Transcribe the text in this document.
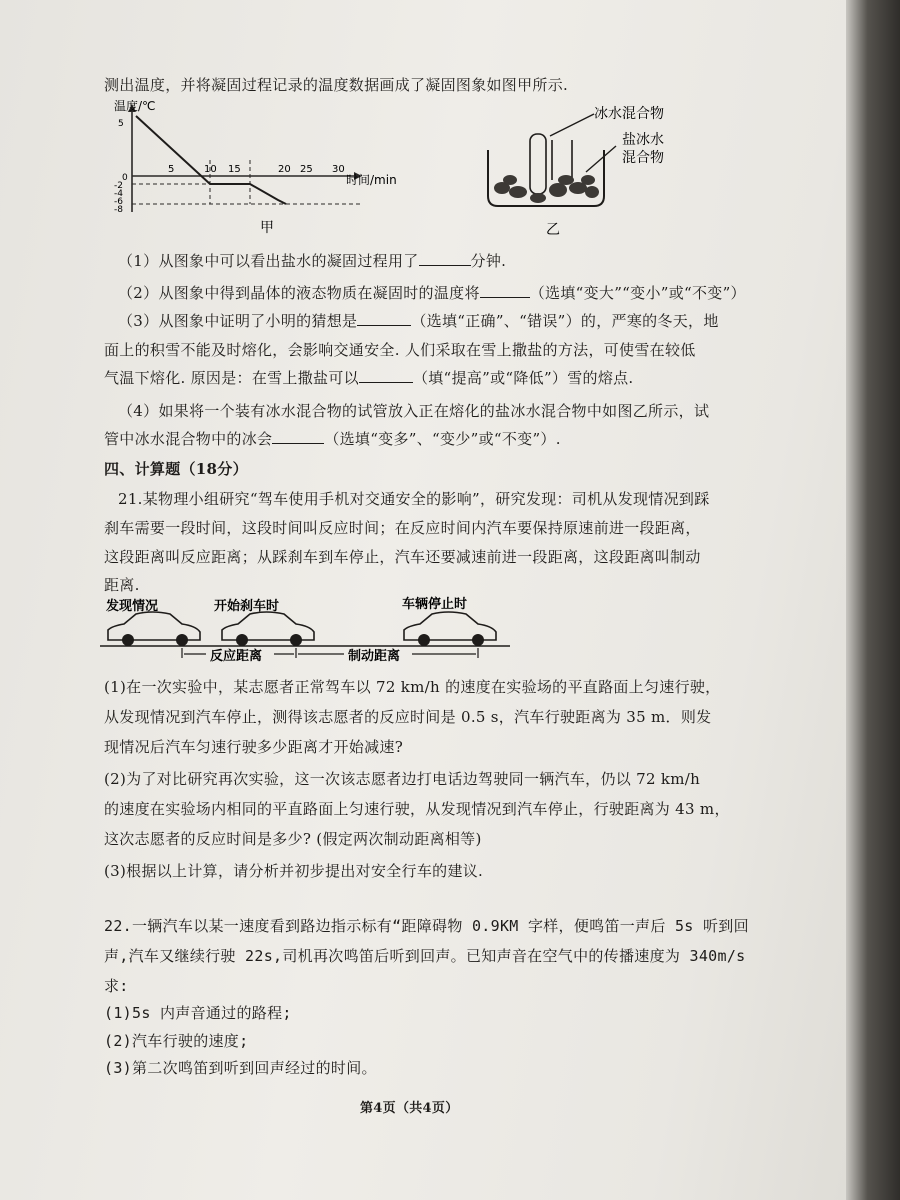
测出温度，并将凝固过程记录的温度数据画成了凝固图象如图甲所示.
温度/℃
5
0
-2
-4
-6
-8
5	10 15	20 25 30
时间/min
甲
冰水混合物
盐冰水
混合物
乙
（1）从图象中可以看出盐水的凝固过程用了	分钟.
（2）从图象中得到晶体的液态物质在凝固时的温度将	（选填“变大”“变小”或“不变”）
（3）从图象中证明了小明的猜想是	（选填“正确”、“错误”）的，严寒的冬天，地
面上的积雪不能及时熔化，会影响交通安全. 人们采取在雪上撒盐的方法，可使雪在较低
气温下熔化. 原因是：在雪上撒盐可以	（填“提高”或“降低”）雪的熔点.
（4）如果将一个装有冰水混合物的试管放入正在熔化的盐冰水混合物中如图乙所示，试
管中冰水混合物中的冰会	（选填“变多”、“变少”或“不变”）.
四、计算题（18分）
21.某物理小组研究“驾车使用手机对交通安全的影响”，研究发现：司机从发现情况到踩
刹车需要一段时间，这段时间叫反应时间；在反应时间内汽车要保持原速前进一段距离，
这段距离叫反应距离；从踩刹车到车停止，汽车还要减速前进一段距离，这段距离叫制动
距离.
发现情况	开始刹车时	车辆停止时
反应距离	制动距离
(1)在一次实验中，某志愿者正常驾车以 72 km/h 的速度在实验场的平直路面上匀速行驶，
从发现情况到汽车停止，测得该志愿者的反应时间是 0.5 s，汽车行驶距离为 35 m．则发
现情况后汽车匀速行驶多少距离才开始减速?
(2)为了对比研究再次实验，这一次该志愿者边打电话边驾驶同一辆汽车，仍以 72 km/h
的速度在实验场内相同的平直路面上匀速行驶，从发现情况到汽车停止，行驶距离为 43 m，
这次志愿者的反应时间是多少? (假定两次制动距离相等)
(3)根据以上计算，请分析并初步提出对安全行车的建议.
22.一辆汽车以某一速度看到路边指示标有“距障碍物 0.9KM 字样，便鸣笛一声后 5s 听到回
声,汽车又继续行驶 22s,司机再次鸣笛后听到回声。已知声音在空气中的传播速度为 340m/s
求:
(1)5s 内声音通过的路程;
(2)汽车行驶的速度;
(3)第二次鸣笛到听到回声经过的时间。
第4页（共4页）
